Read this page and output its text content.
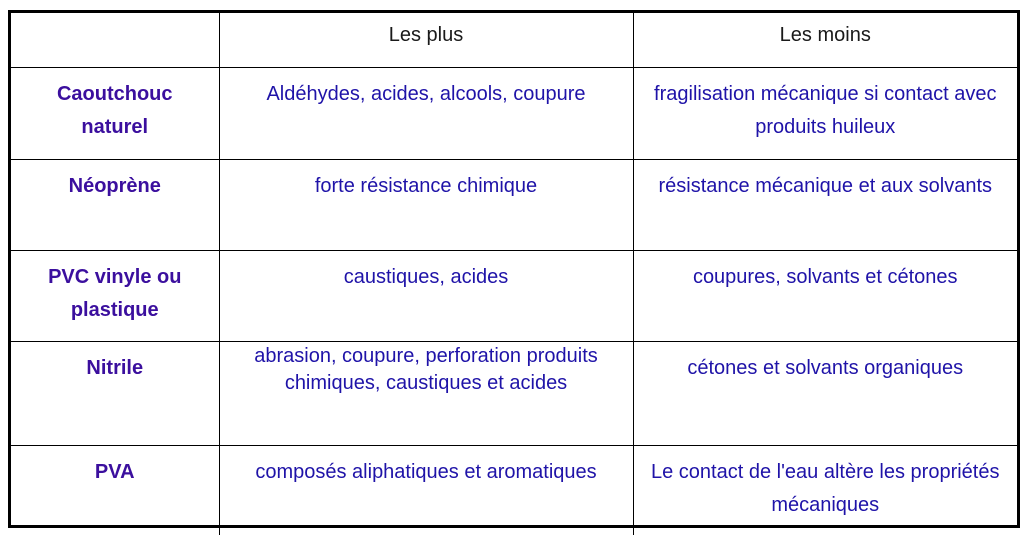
	Les plus	Les moins
Caoutchouc naturel	Aldéhydes, acides, alcools, coupure	fragilisation mécanique si contact avec produits huileux
Néoprène	forte résistance chimique	résistance mécanique et aux solvants
PVC vinyle ou plastique	caustiques, acides	coupures, solvants et cétones
Nitrile	abrasion, coupure, perforation produits chimiques, caustiques et acides	cétones et solvants organiques
PVA	composés aliphatiques et aromatiques	Le contact de l'eau altère les propriétés mécaniques
